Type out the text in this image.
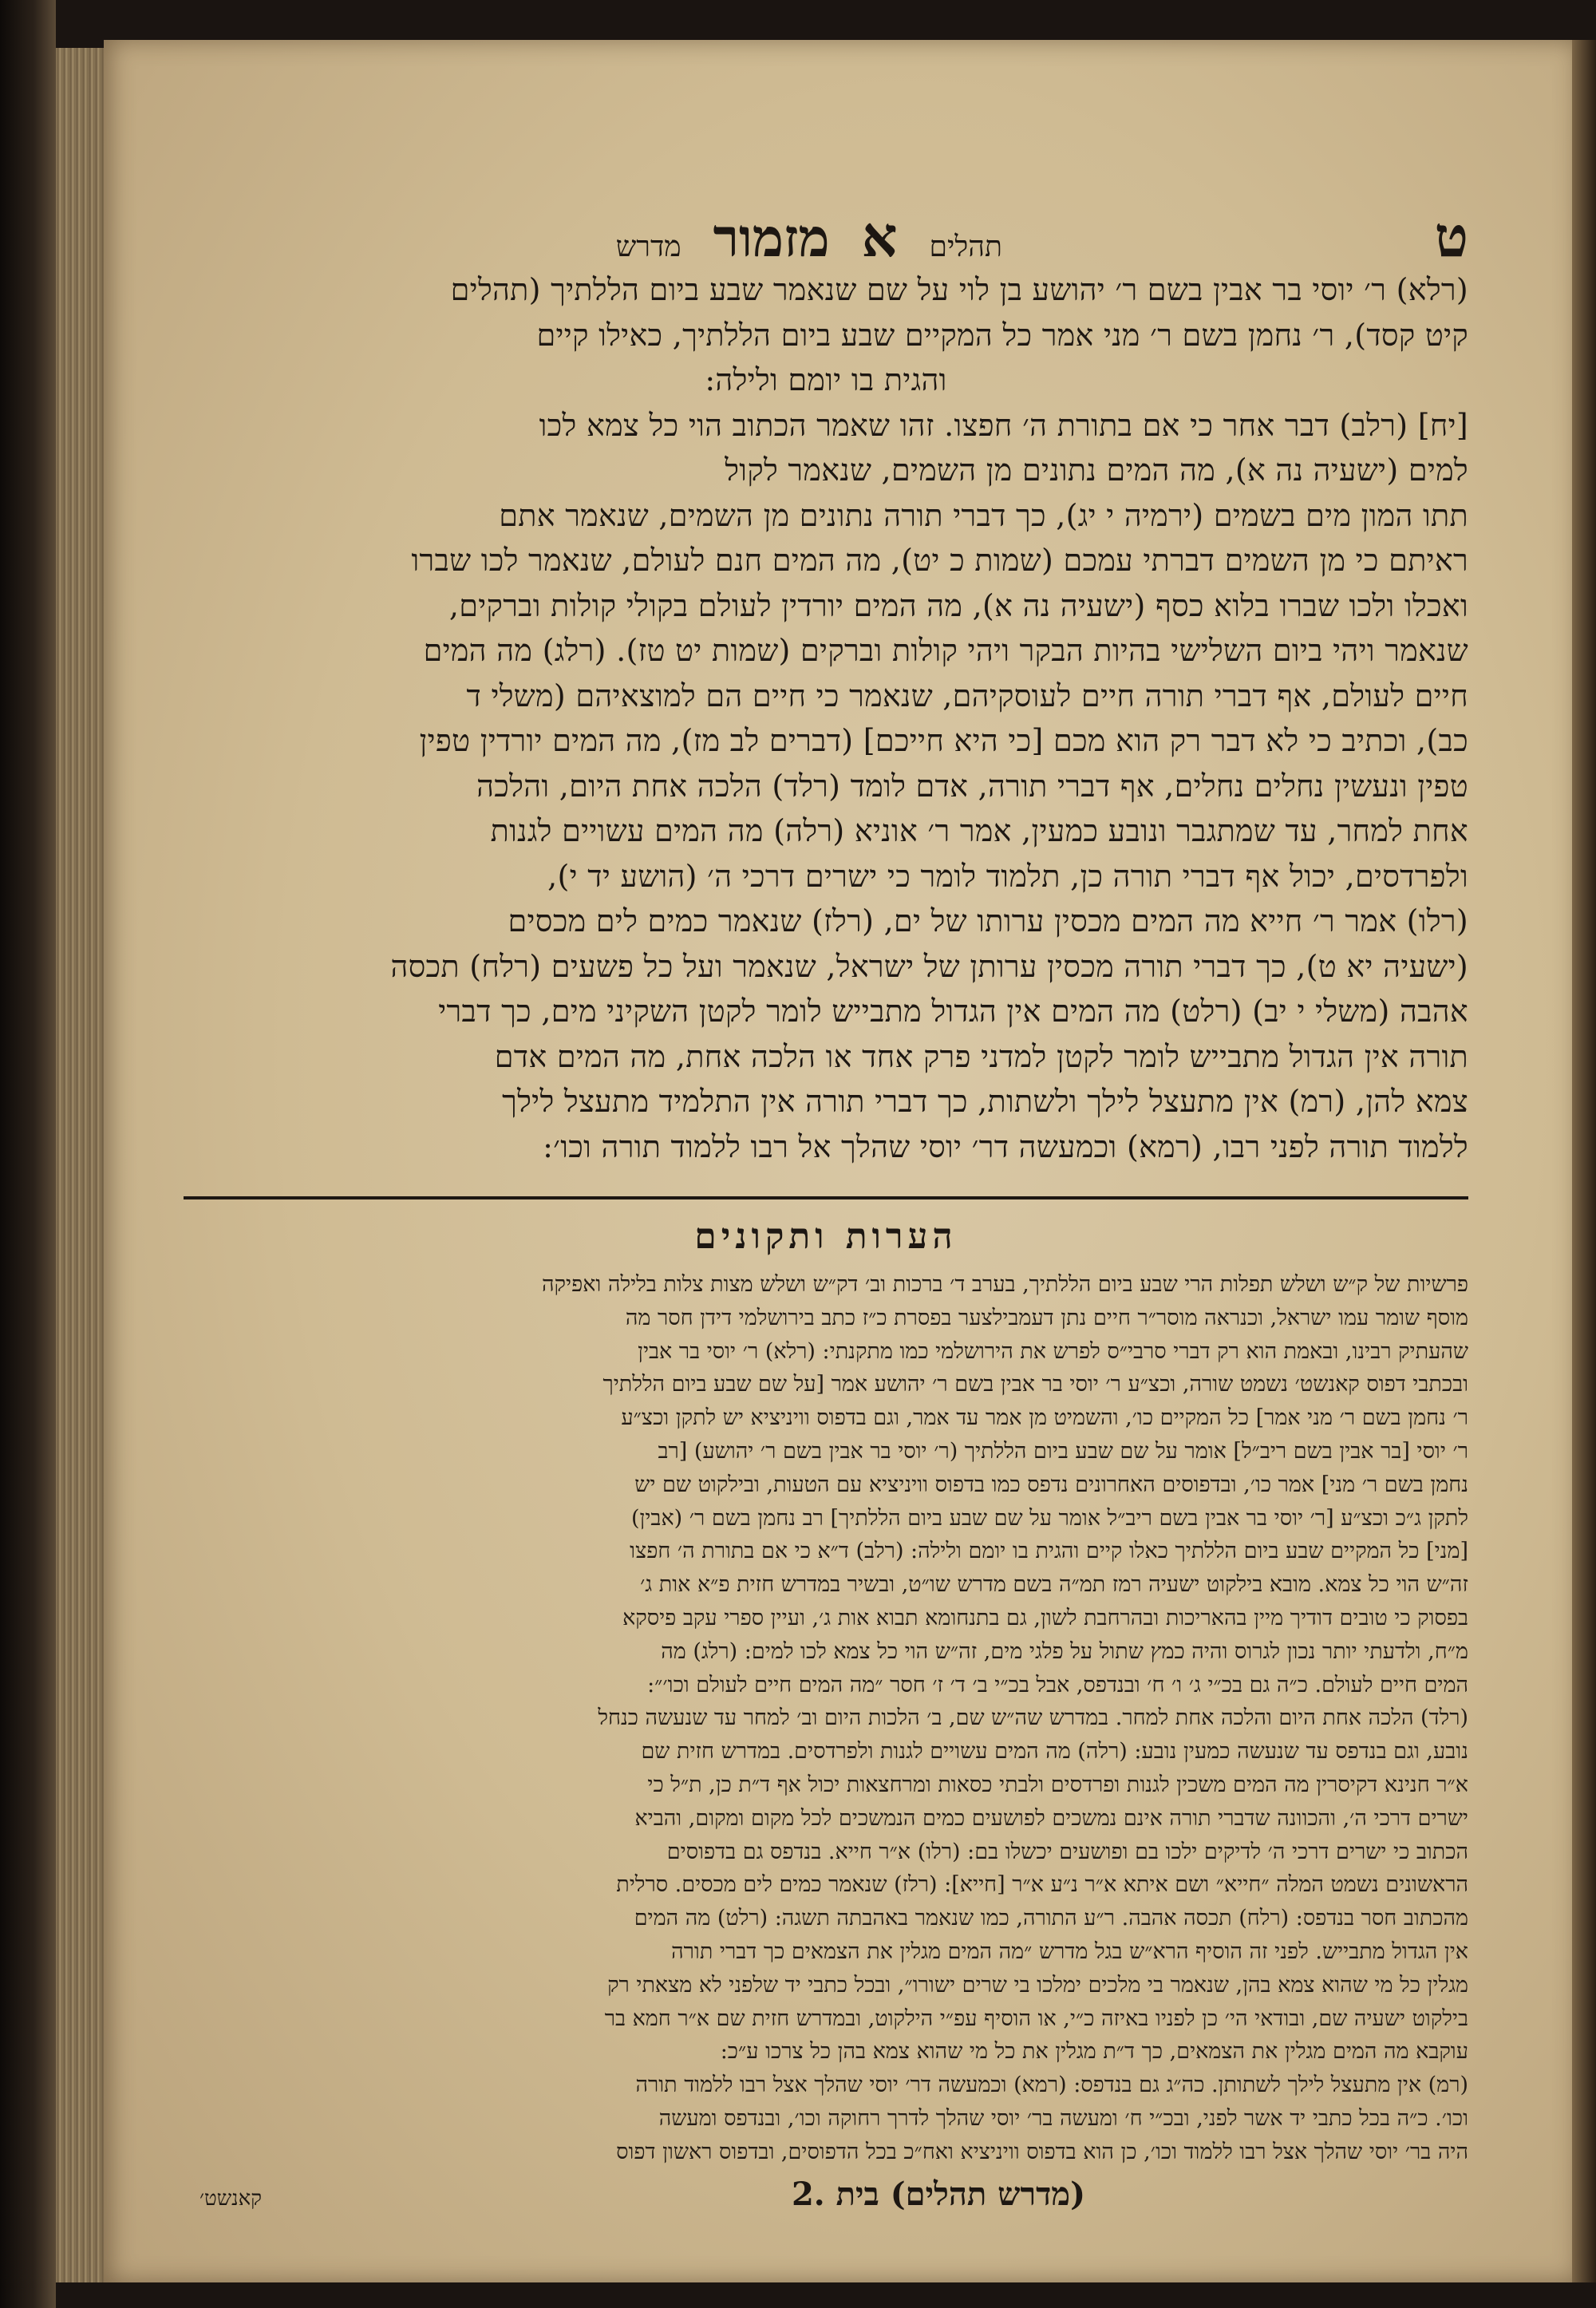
ט
תהלים
א
מזמור
מדרש

(רלא) ר׳ יוסי בר אבין בשם ר׳ יהושע בן לוי על שם שנאמר שבע ביום הללתיך (תהלים

קיט קסד), ר׳ נחמן בשם ר׳ מני אמר כל המקיים שבע ביום הללתיך, כאילו קיים

והגית בו יומם ולילה:

[יח] (רלב) דבר אחר כי אם בתורת ה׳ חפצו. זהו שאמר הכתוב הוי כל צמא לכו

למים (ישעיה נה א), מה המים נתונים מן השמים, שנאמר לקול

תתו המון מים בשמים (ירמיה י יג), כך דברי תורה נתונים מן השמים, שנאמר אתם

ראיתם כי מן השמים דברתי עמכם (שמות כ יט), מה המים חנם לעולם, שנאמר לכו שברו

ואכלו ולכו שברו בלוא כסף (ישעיה נה א), מה המים יורדין לעולם בקולי קולות וברקים,

שנאמר ויהי ביום השלישי בהיות הבקר ויהי קולות וברקים (שמות יט טז). (רלג) מה המים

חיים לעולם, אף דברי תורה חיים לעוסקיהם, שנאמר כי חיים הם למוצאיהם (משלי ד

כב), וכתיב כי לא דבר רק הוא מכם [כי היא חייכם] (דברים לב מז), מה המים יורדין טפין

טפין ונעשין נחלים נחלים, אף דברי תורה, אדם לומד (רלד) הלכה אחת היום, והלכה

אחת למחר, עד שמתגבר ונובע כמעין, אמר ר׳ אוניא (רלה) מה המים עשויים לגנות

ולפרדסים, יכול אף דברי תורה כן, תלמוד לומר כי ישרים דרכי ה׳ (הושע יד י),

(רלו) אמר ר׳ חייא מה המים מכסין ערותו של ים, (רלז) שנאמר כמים לים מכסים

(ישעיה יא ט), כך דברי תורה מכסין ערותן של ישראל, שנאמר ועל כל פשעים (רלח) תכסה

אהבה (משלי י יב) (רלט) מה המים אין הגדול מתבייש לומר לקטן השקיני מים, כך דברי

תורה אין הגדול מתבייש לומר לקטן למדני פרק אחד או הלכה אחת, מה המים אדם

צמא להן, (רמ) אין מתעצל לילך ולשתות, כך דברי תורה אין התלמיד מתעצל לילך

ללמוד תורה לפני רבו, (רמא) וכמעשה דר׳ יוסי שהלך אל רבו ללמוד תורה וכו׳:

הערות ותקונים

פרשיות של ק״ש ושלש תפלות הרי שבע ביום הללתיך, בערב ד׳ ברכות וב׳ דק״ש ושלש מצות צלות בלילה ואפיקה

מוסף שומר עמו ישראל, וכנראה מוסר״ר חיים נתן דעמבילצער בפסרת כ״ז כתב בירושלמי דידן חסר מה

שהעתיק רבינו, ובאמת הוא רק דברי סרבי״ס לפרש את הירושלמי כמו מתקנתי: (רלא) ר׳ יוסי בר אבין

ובכתבי דפוס קאנשט׳ נשמט שורה, וכצ״ע ר׳ יוסי בר אבין בשם ר׳ יהושע אמר [על שם שבע ביום הללתיך

ר׳ נחמן בשם ר׳ מני אמר] כל המקיים כו׳, והשמיט מן אמר עד אמר, וגם בדפוס וויניציא יש לתקן וכצ״ע

ר׳ יוסי [בר אבין בשם ריב״ל] אומר על שם שבע ביום הללתיך (ר׳ יוסי בר אבין בשם ר׳ יהושע) [רב

נחמן בשם ר׳ מני] אמר כו׳, ובדפוסים האחרונים נדפס כמו בדפוס וויניציא עם הטעות, ובילקוט שם יש

לתקן ג״כ וכצ״ע [ר׳ יוסי בר אבין בשם ריב״ל אומר על שם שבע ביום הללתיך] רב נחמן בשם ר׳ (אבין)

[מני] כל המקיים שבע ביום הללתיך כאלו קיים והגית בו יומם ולילה: (רלב) ד״א כי אם בתורת ה׳ חפצו

זה״ש הוי כל צמא. מובא בילקוט ישעיה רמז תמ״ה בשם מדרש שו״ט, ובשיר במדרש חזית פ״א אות ג׳

בפסוק כי טובים דודיך מיין בהאריכות ובהרחבת לשון, גם בתנחומא תבוא אות ג׳, ועיין ספרי עקב פיסקא

מ״ח, ולדעתי יותר נכון לגרוס והיה כמץ שתול על פלגי מים, זה״ש הוי כל צמא לכו למים: (רלג) מה

המים חיים לעולם. כ״ה גם בכ״י ג׳ ו׳ ח׳ ובנדפס, אבל בכ״י ב׳ ד׳ ז׳ חסר ״מה המים חיים לעולם וכו׳״:

(רלד) הלכה אחת היום והלכה אחת למחר. במדרש שה״ש שם, ב׳ הלכות היום וב׳ למחר עד שנעשה כנחל

נובע, וגם בנדפס עד שנעשה כמעין נובע: (רלה) מה המים עשויים לגנות ולפרדסים. במדרש חזית שם

א״ר חנינא דקיסרין מה המים משכין לגנות ופרדסים ולבתי כסאות ומרחצאות יכול אף ד״ת כן, ת״ל כי

ישרים דרכי ה׳, והכוונה שדברי תורה אינם נמשכים לפושעים כמים הנמשכים לכל מקום ומקום, והביא

הכתוב כי ישרים דרכי ה׳ לדיקים ילכו בם ופושעים יכשלו בם: (רלו) א״ר חייא. בנדפס גם בדפוסים

הראשונים נשמט המלה ״חייא״ ושם איתא א״ר נ״ע א״ר [חייא]: (רלז) שנאמר כמים לים מכסים. סרלית

מהכתוב חסר בנדפס: (רלח) תכסה אהבה. ר״ע התורה, כמו שנאמר באהבתה תשגה: (רלט) מה המים

אין הגדול מתבייש. לפני זה הוסיף הרא״ש בגל מדרש ״מה המים מגלין את הצמאים כך דברי תורה

מגלין כל מי שהוא צמא בהן, שנאמר בי מלכים ימלכו בי שרים ישורו״, ובכל כתבי יד שלפני לא מצאתי רק

בילקוט ישעיה שם, ובודאי הי׳ כן לפניו באיזה כ״י, או הוסיף עפ״י הילקוט, ובמדרש חזית שם א״ר חמא בר

עוקבא מה המים מגלין את הצמאים, כך ד״ת מגלין את כל מי שהוא צמא בהן כל צרכו ע״כ:

(רמ) אין מתעצל לילך לשתותן. כה״ג גם בנדפס: (רמא) וכמעשה דר׳ יוסי שהלך אצל רבו ללמוד תורה

וכו׳. כ״ה בכל כתבי יד אשר לפני, ובכ״י ח׳ ומעשה בר׳ יוסי שהלך לדרך רחוקה וכו׳, ובנדפס ומעשה

היה בר׳ יוסי שהלך אצל רבו ללמוד וכו׳, כן הוא בדפוס וויניציא ואח״כ בכל הדפוסים, ובדפוס ראשון דפוס

(מדרש תהלים) בית .2
קאנשט׳
